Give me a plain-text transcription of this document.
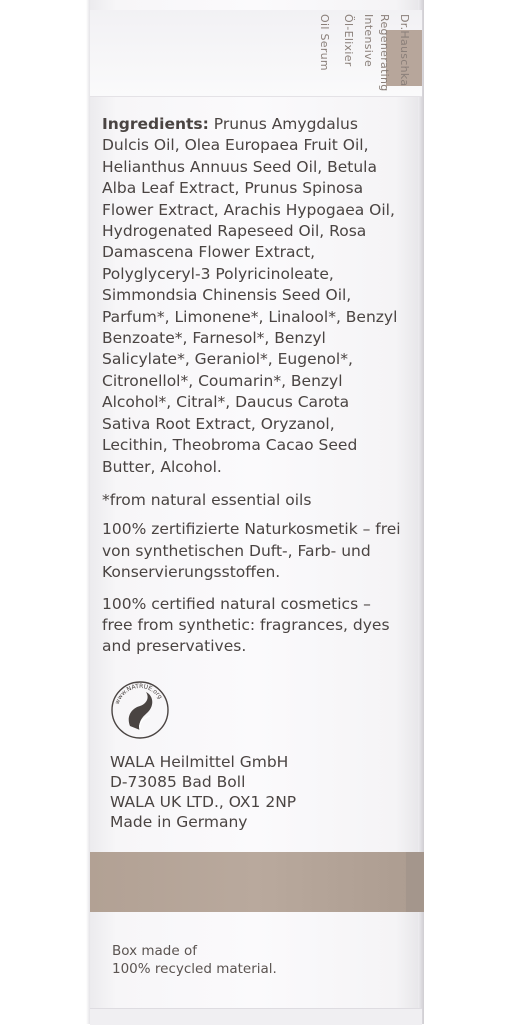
Dr.Hauschka
Regenerating
Intensive
Öl-Elixier
Oil Serum
Ingredients: Prunus Amygdalus Dulcis Oil, Olea Europaea Fruit Oil, Helianthus Annuus Seed Oil, Betula Alba Leaf Extract, Prunus Spinosa Flower Extract, Arachis Hypogaea Oil, Hydrogenated Rapeseed Oil, Rosa Damascena Flower Extract, Polyglyceryl-3 Polyricinoleate, Simmondsia Chinensis Seed Oil, Parfum*, Limonene*, Linalool*, Benzyl Benzoate*, Farnesol*, Benzyl Salicylate*, Geraniol*, Eugenol*, Citronellol*, Coumarin*, Benzyl Alcohol*, Citral*, Daucus Carota Sativa Root Extract, Oryzanol, Lecithin, Theobroma Cacao Seed Butter, Alcohol.
*from natural essential oils
100% zertifizierte Naturkosmetik – frei von synthetischen Duft-, Farb- und Konservierungsstoffen.
100% certified natural cosmetics – free from synthetic: fragrances, dyes and preservatives.
www.NATRUE.org
WALA Heilmittel GmbH
D-73085 Bad Boll
WALA UK LTD., OX1 2NP
Made in Germany
Box made of
100% recycled material.
